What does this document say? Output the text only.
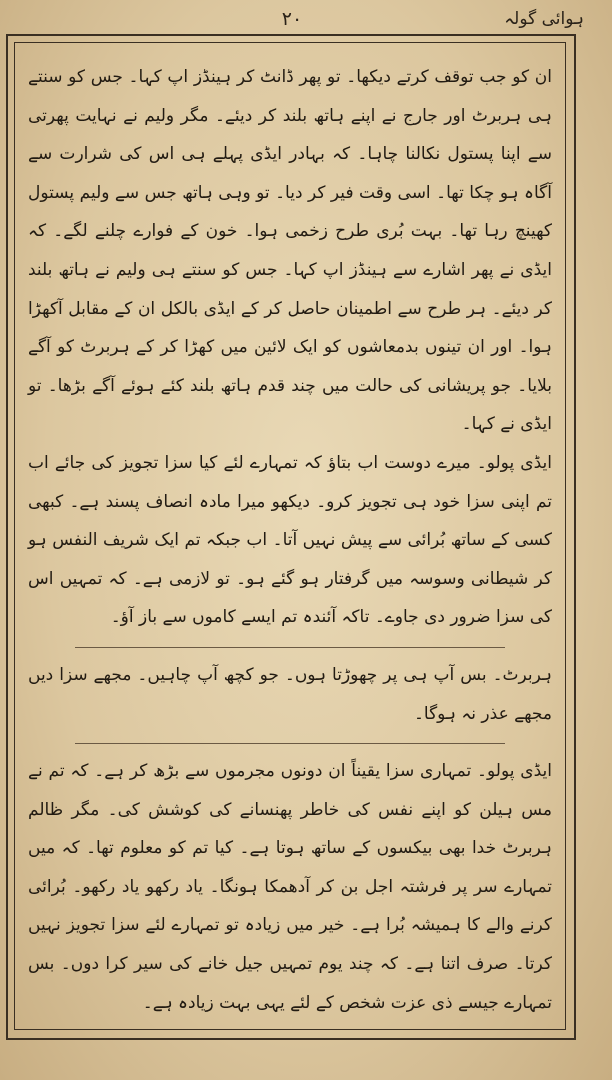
٢٠	ہوائی گولہ

ان کو جب توقف کرتے دیکھا۔ تو پھر ڈانٹ کر ہینڈز اپ کہا۔ جس کو سنتے ہی ہربرٹ اور جارج نے اپنے ہاتھ بلند کر دیئے۔ مگر ولیم نے نہایت پھرتی سے اپنا پستول نکالنا چاہا۔ کہ بہادر ایڈی پہلے ہی اس کی شرارت سے آگاہ ہو چکا تھا۔ اسی وقت فیر کر دیا۔ تو وہی ہاتھ جس سے ولیم پستول کھینچ رہا تھا۔ بہت بُری طرح زخمی ہوا۔ خون کے فوارے چلنے لگے۔ کہ ایڈی نے پھر اشارے سے ہینڈز اپ کہا۔ جس کو سنتے ہی ولیم نے ہاتھ بلند کر دیئے۔ ہر طرح سے اطمینان حاصل کر کے ایڈی بالکل ان کے مقابل آکھڑا ہوا۔ اور ان تینوں بدمعاشوں کو ایک لائین میں کھڑا کر کے ہربرٹ کو آگے بلایا۔ جو پریشانی کی حالت میں چند قدم ہاتھ بلند کئے ہوئے آگے بڑھا۔ تو ایڈی نے کہا۔

ایڈی پولو۔ میرے دوست اب بتاؤ کہ تمہارے لئے کیا سزا تجویز کی جائے اب تم اپنی سزا خود ہی تجویز کرو۔ دیکھو میرا مادہ انصاف پسند ہے۔ کبھی کسی کے ساتھ بُرائی سے پیش نہیں آتا۔ اب جبکہ تم ایک شریف النفس ہو کر شیطانی وسوسہ میں گرفتار ہو گئے ہو۔ تو لازمی ہے۔ کہ تمہیں اس کی سزا ضرور دی جاوے۔ تاکہ آئندہ تم ایسے کاموں سے باز آؤ۔

ہربرٹ۔ بس آپ ہی پر چھوڑتا ہوں۔ جو کچھ آپ چاہیں۔ مجھے سزا دیں مجھے عذر نہ ہوگا۔

ایڈی پولو۔ تمہاری سزا یقیناً ان دونوں مجرموں سے بڑھ کر ہے۔ کہ تم نے مس ہیلن کو اپنے نفس کی خاطر پھنسانے کی کوشش کی۔ مگر ظالم ہربرٹ خدا بھی بیکسوں کے ساتھ ہوتا ہے۔ کیا تم کو معلوم تھا۔ کہ میں تمہارے سر پر فرشتہ اجل بن کر آدھمکا ہونگا۔ یاد رکھو یاد رکھو۔ بُرائی کرنے والے کا ہمیشہ بُرا ہے۔ خیر میں زیادہ تو تمہارے لئے سزا تجویز نہیں کرتا۔ صرف اتنا ہے۔ کہ چند یوم تمہیں جیل خانے کی سیر کرا دوں۔ بس تمہارے جیسے ذی عزت شخص کے لئے یہی بہت زیادہ ہے۔
